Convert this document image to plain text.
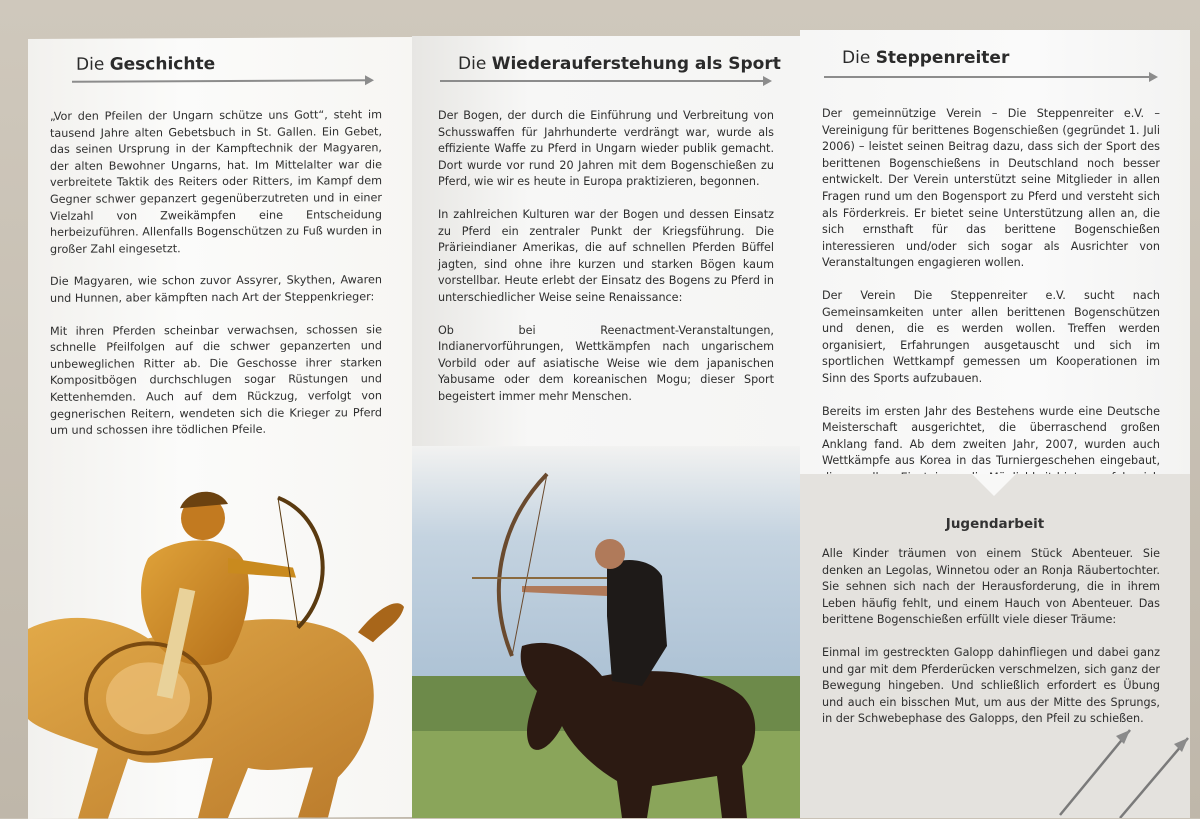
Die Geschichte

„Vor den Pfeilen der Ungarn schütze uns Gott“, steht im tausend Jahre alten Gebetsbuch in St. Gallen. Ein Gebet, das seinen Ursprung in der Kampftechnik der Magyaren, der alten Bewohner Ungarns, hat. Im Mittelalter war die verbreitete Taktik des Reiters oder Ritters, im Kampf dem Gegner schwer gepanzert gegenüberzutreten und in einer Vielzahl von Zweikämpfen eine Entscheidung herbeizuführen. Allenfalls Bogenschützen zu Fuß wurden in großer Zahl eingesetzt.

Die Magyaren, wie schon zuvor Assyrer, Skythen, Awaren und Hunnen, aber kämpften nach Art der Steppenkrieger:

Mit ihren Pferden scheinbar verwachsen, schossen sie schnelle Pfeilfolgen auf die schwer gepanzerten und unbeweglichen Ritter ab. Die Geschosse ihrer starken Kompositbögen durchschlugen sogar Rüstungen und Kettenhemden. Auch auf dem Rückzug, verfolgt von gegnerischen Reitern, wendeten sich die Krieger zu Pferd um und schossen ihre tödlichen Pfeile.

Die Wiederauferstehung als Sport

Der Bogen, der durch die Einführung und Verbreitung von Schusswaffen für Jahrhunderte verdrängt war, wurde als effiziente Waffe zu Pferd in Ungarn wieder publik gemacht. Dort wurde vor rund 20 Jahren mit dem Bogenschießen zu Pferd, wie wir es heute in Europa praktizieren, begonnen.

In zahlreichen Kulturen war der Bogen und dessen Einsatz zu Pferd ein zentraler Punkt der Kriegsführung. Die Präriеindianer Amerikas, die auf schnellen Pferden Büffel jagten, sind ohne ihre kurzen und starken Bögen kaum vorstellbar. Heute erlebt der Einsatz des Bogens zu Pferd in unterschiedlicher Weise seine Renaissance:

Ob bei Reenactment-Veranstaltungen, Indianervorführungen, Wettkämpfen nach ungarischem Vorbild oder auf asiatische Weise wie dem japanischen Yabusame oder dem koreanischen Mogu; dieser Sport begeistert immer mehr Menschen.

Die Steppenreiter

Der gemeinnützige Verein – Die Steppenreiter e.V. – Vereinigung für berittenes Bogenschießen (gegründet 1. Juli 2006) – leistet seinen Beitrag dazu, dass sich der Sport des berittenen Bogenschießens in Deutschland noch besser entwickelt. Der Verein unterstützt seine Mitglieder in allen Fragen rund um den Bogensport zu Pferd und versteht sich als Förderkreis. Er bietet seine Unterstützung allen an, die sich ernsthaft für das berittene Bogenschießen interessieren und/oder sich sogar als Ausrichter von Veranstaltungen engagieren wollen.

Der Verein Die Steppenreiter e.V. sucht nach Gemeinsamkeiten unter allen berittenen Bogenschützen und denen, die es werden wollen. Treffen werden organisiert, Erfahrungen ausgetauscht und sich im sportlichen Wettkampf gemessen um Kooperationen im Sinn des Sports aufzubauen.

Bereits im ersten Jahr des Bestehens wurde eine Deutsche Meisterschaft ausgerichtet, die überraschend großen Anklang fand. Ab dem zweiten Jahr, 2007, wurden auch Wettkämpfe aus Korea in das Turniergeschehen eingebaut,

Jugendarbeit

Alle Kinder träumen von einem Stück Abenteuer. Sie denken an Legolas, Winnetou oder an Ronja Räubertochter. Sie sehnen sich nach der Herausforderung, die in ihrem Leben häufig fehlt, und einem Hauch von Abenteuer. Das berittene Bogenschießen erfüllt viele dieser Träume:

Einmal im gestreckten Galopp dahinfliegen und dabei ganz und gar mit dem Pferderücken verschmelzen, sich ganz der Bewegung hingeben. Und schließlich erfordert es Übung und auch ein bisschen Mut, um aus der Mitte des Sprungs, in der Schwebephase des Galopps, den Pfeil zu schießen.
